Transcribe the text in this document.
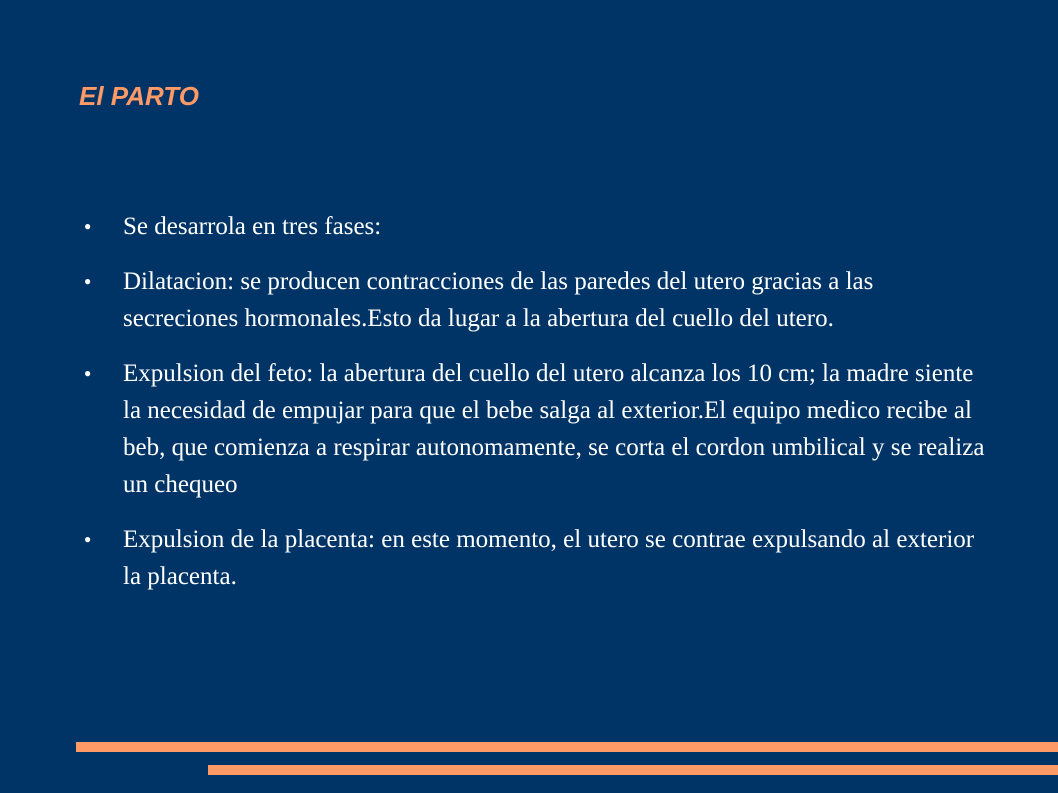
El PARTO
● Se desarrola en tres fases:
● Dilatacion: se producen contracciones de las paredes del utero gracias a las secreciones hormonales.Esto da lugar a la abertura del cuello del utero.
● Expulsion del feto: la abertura del cuello del utero alcanza los 10 cm; la madre siente la necesidad de empujar para que el bebe salga al exterior.El equipo medico recibe al beb, que comienza a respirar autonomamente, se corta el cordon umbilical y se realiza un chequeo
● Expulsion de la placenta: en este momento, el utero se contrae expulsando al exterior la placenta.
